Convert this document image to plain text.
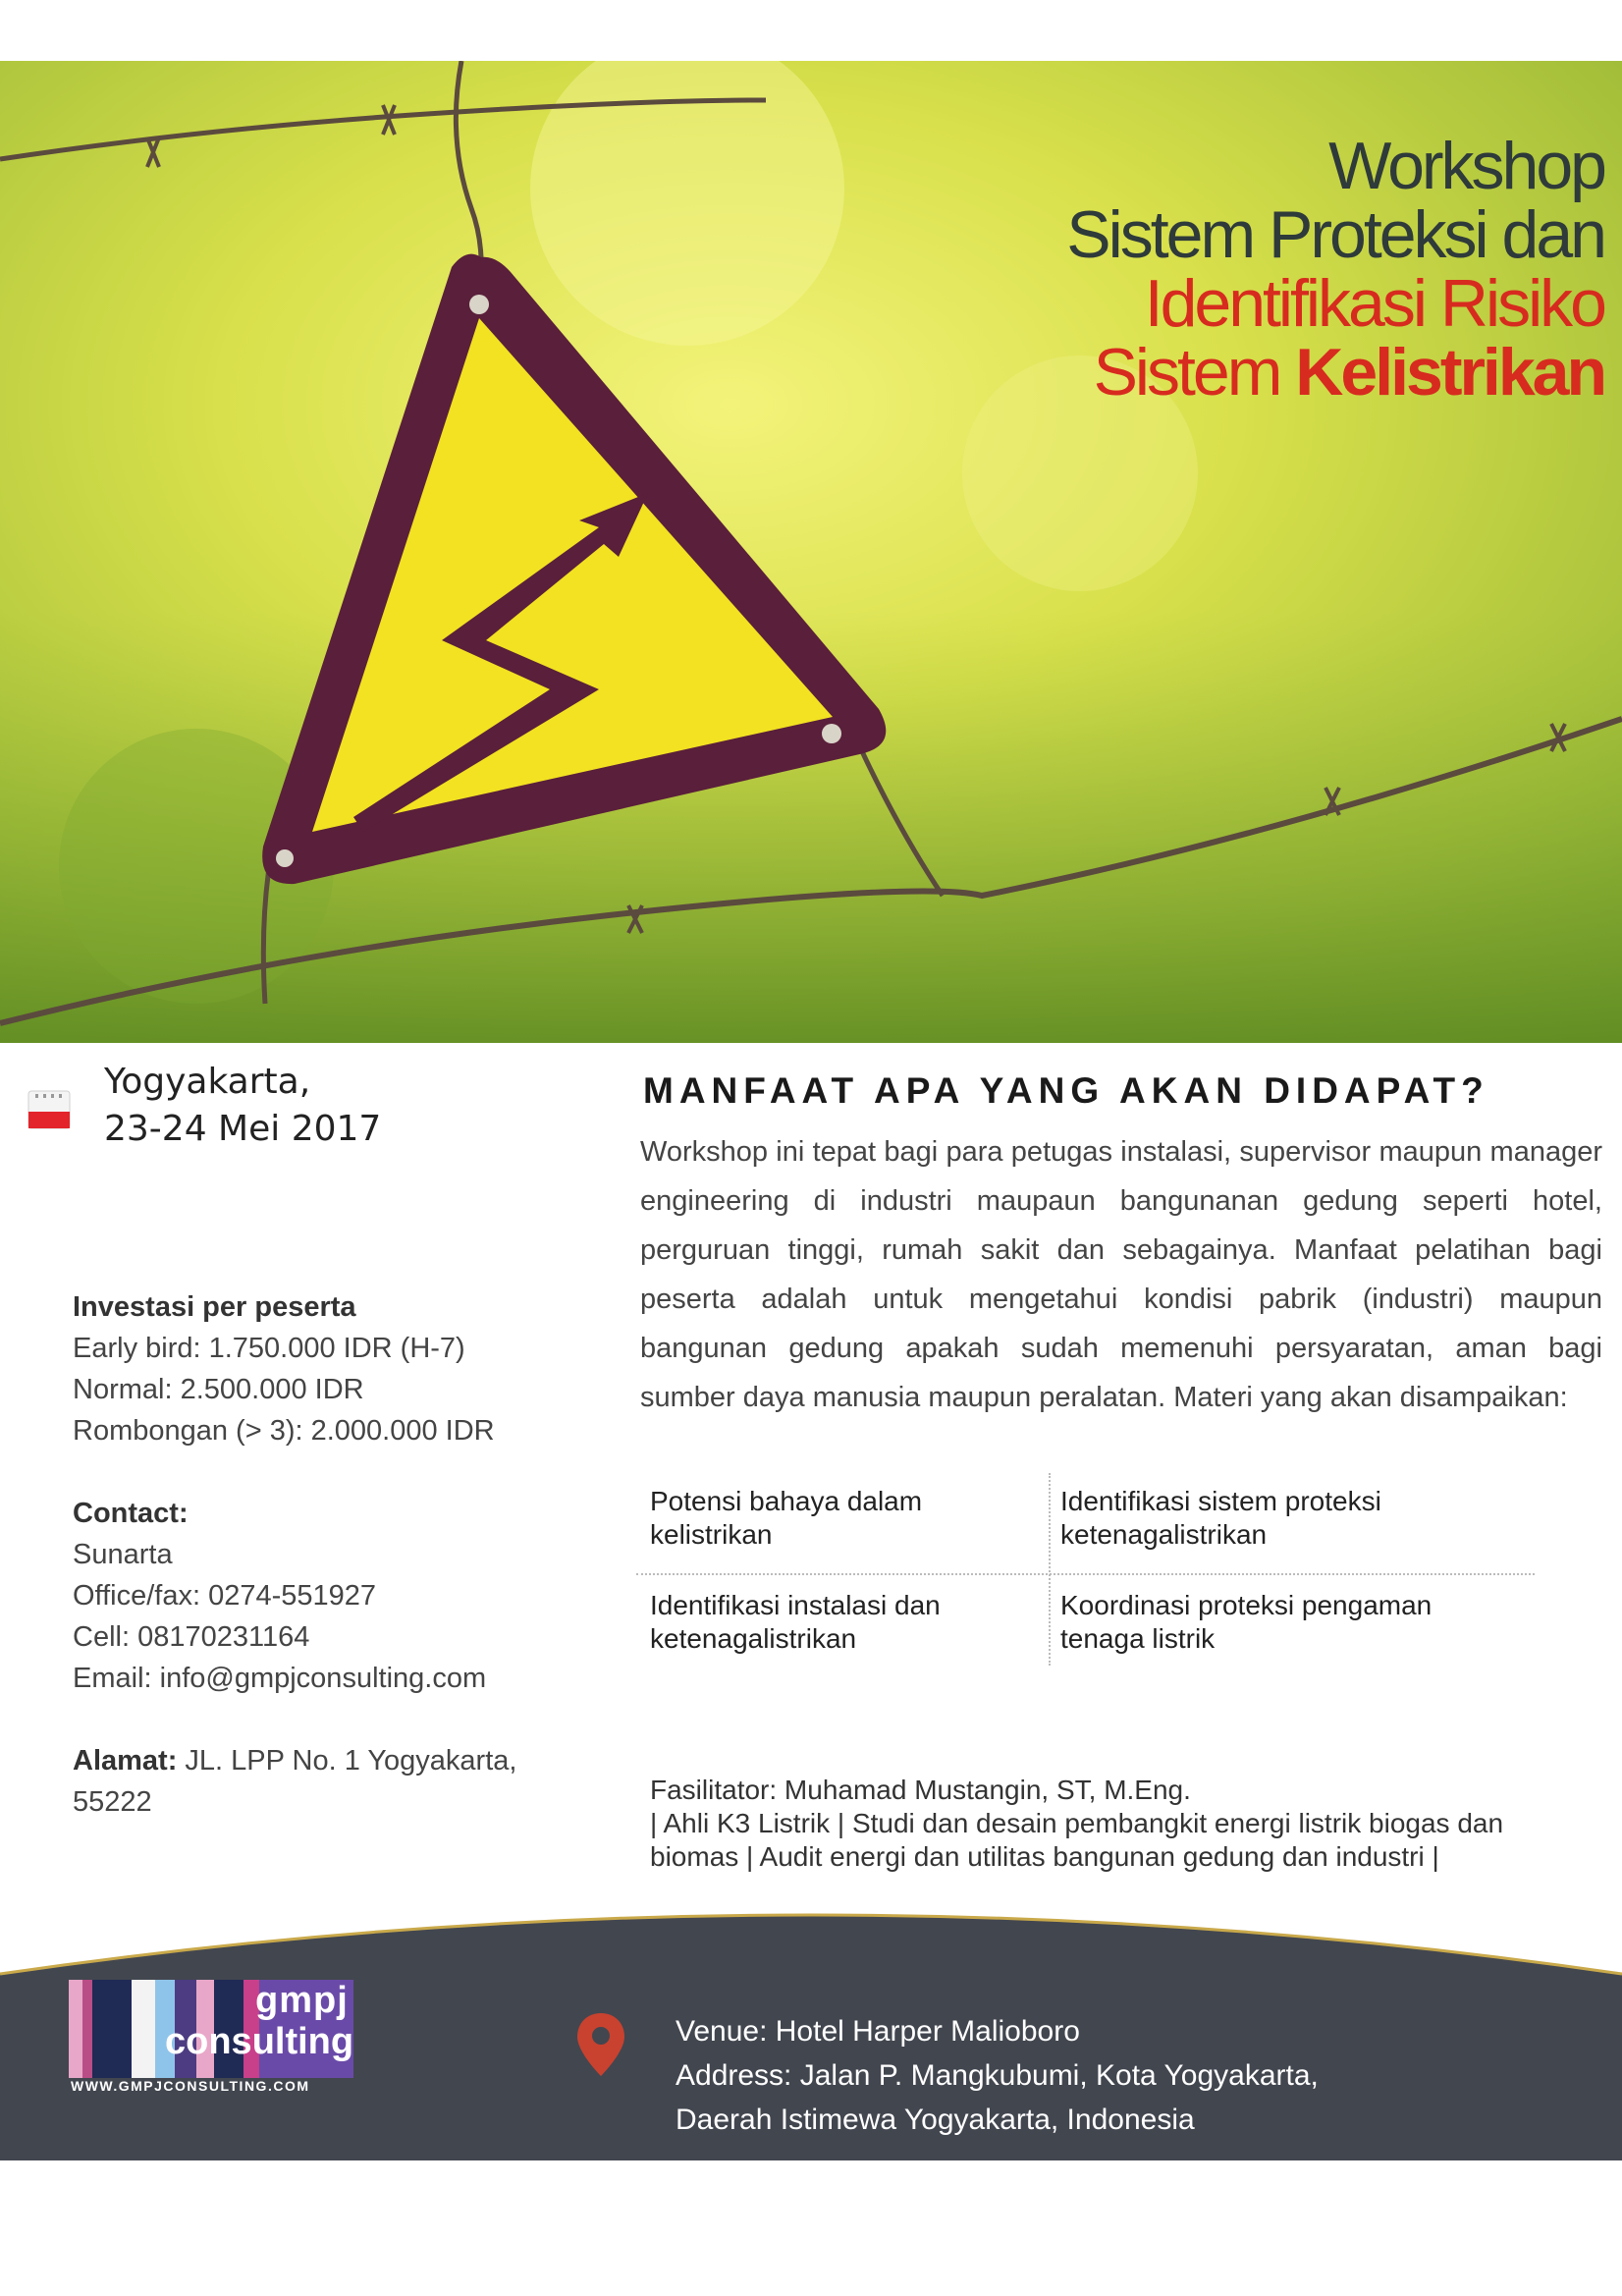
Workshop
Sistem Proteksi dan
Identifikasi Risiko
Sistem Kelistrikan
Yogyakarta,
23-24 Mei 2017
Investasi per peserta
Early bird: 1.750.000 IDR (H-7)
Normal: 2.500.000 IDR
Rombongan (> 3): 2.000.000 IDR
Contact:
Sunarta
Office/fax: 0274-551927
Cell: 08170231164
Email: info@gmpjconsulting.com
Alamat: JL. LPP No. 1 Yogyakarta,
55222
MANFAAT APA YANG AKAN DIDAPAT?
Workshop ini tepat bagi para petugas instalasi, supervisor maupun manager engineering di industri maupaun bangunanan gedung seperti hotel, perguruan tinggi, rumah sakit dan sebagainya. Manfaat pelatihan bagi peserta adalah untuk mengetahui kondisi pabrik (industri) maupun bangunan gedung apakah sudah memenuhi persyaratan, aman bagi sumber daya manusia maupun peralatan. Materi yang akan disampaikan:
Potensi bahaya dalam kelistrikan
Identifikasi sistem proteksi ketenagalistrikan
Identifikasi instalasi dan ketenagalistrikan
Koordinasi proteksi pengaman tenaga listrik
Fasilitator: Muhamad Mustangin, ST, M.Eng.
| Ahli K3 Listrik | Studi dan desain pembangkit energi listrik biogas dan
biomas | Audit energi dan utilitas bangunan gedung dan industri |
gmpj
consulting
WWW.GMPJCONSULTING.COM
Venue: Hotel Harper Malioboro
Address: Jalan P. Mangkubumi, Kota Yogyakarta,
Daerah Istimewa Yogyakarta, Indonesia
